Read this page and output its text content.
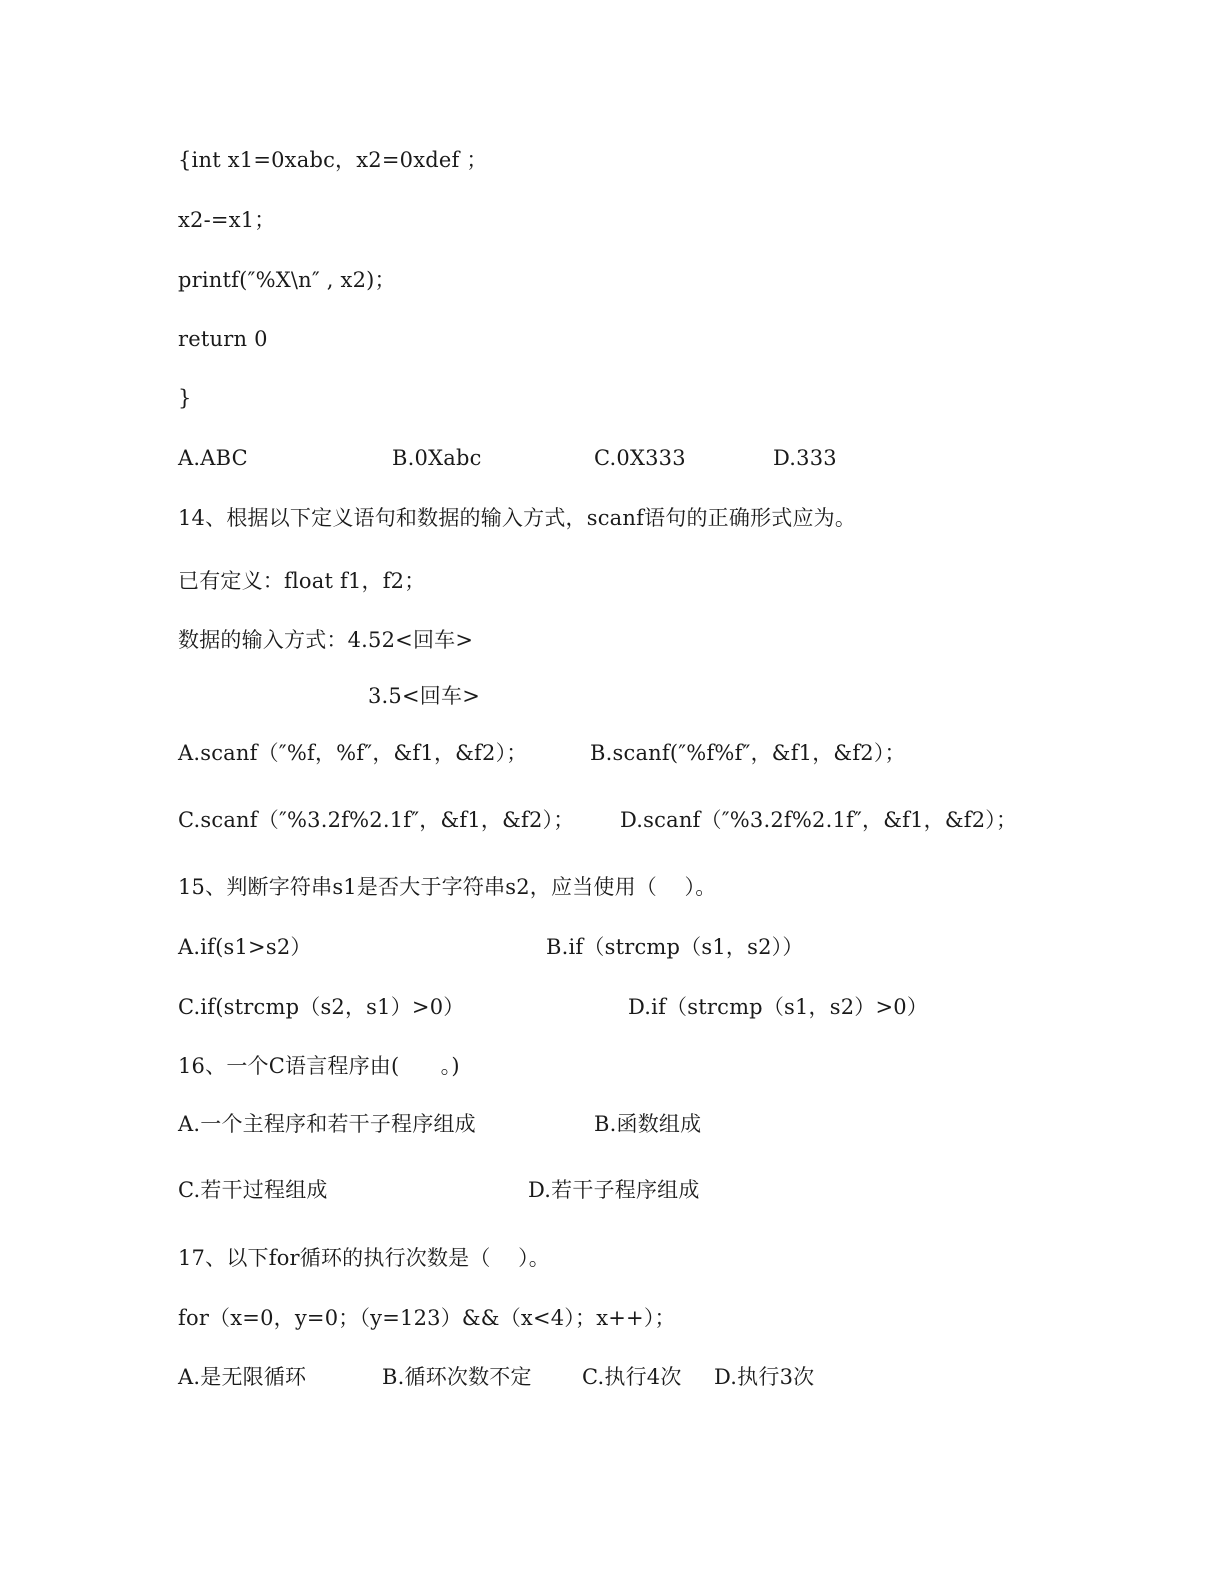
{int x1=0xabc，x2=0xdef ；
x2-=x1；
printf(″%X\n″ , x2)；
return 0
}
A.ABC	B.0Xabc	C.0X333	D.333
14、根据以下定义语句和数据的输入方式，scanf语句的正确形式应为。
已有定义：float f1，f2；
数据的输入方式：4.52<回车>
3.5<回车>
A.scanf（″%f，%f″，&f1，&f2）；	B.scanf(″%f%f″，&f1，&f2）；
C.scanf（″%3.2f%2.1f″，&f1，&f2）； D.scanf（″%3.2f%2.1f″，&f1，&f2）；
15、判断字符串s1是否大于字符串s2，应当使用（    ）。
A.if(s1>s2）	B.if（strcmp（s1，s2））
C.if(strcmp（s2，s1）>0）	D.if（strcmp（s1，s2）>0）
16、一个C语言程序由(      。)
A.一个主程序和若干子程序组成	B.函数组成
C.若干过程组成	D.若干子程序组成
17、以下for循环的执行次数是（    ）。
for（x=0，y=0；（y=123）&&（x<4）；x++）；
A.是无限循环	B.循环次数不定 C.执行4次 D.执行3次
